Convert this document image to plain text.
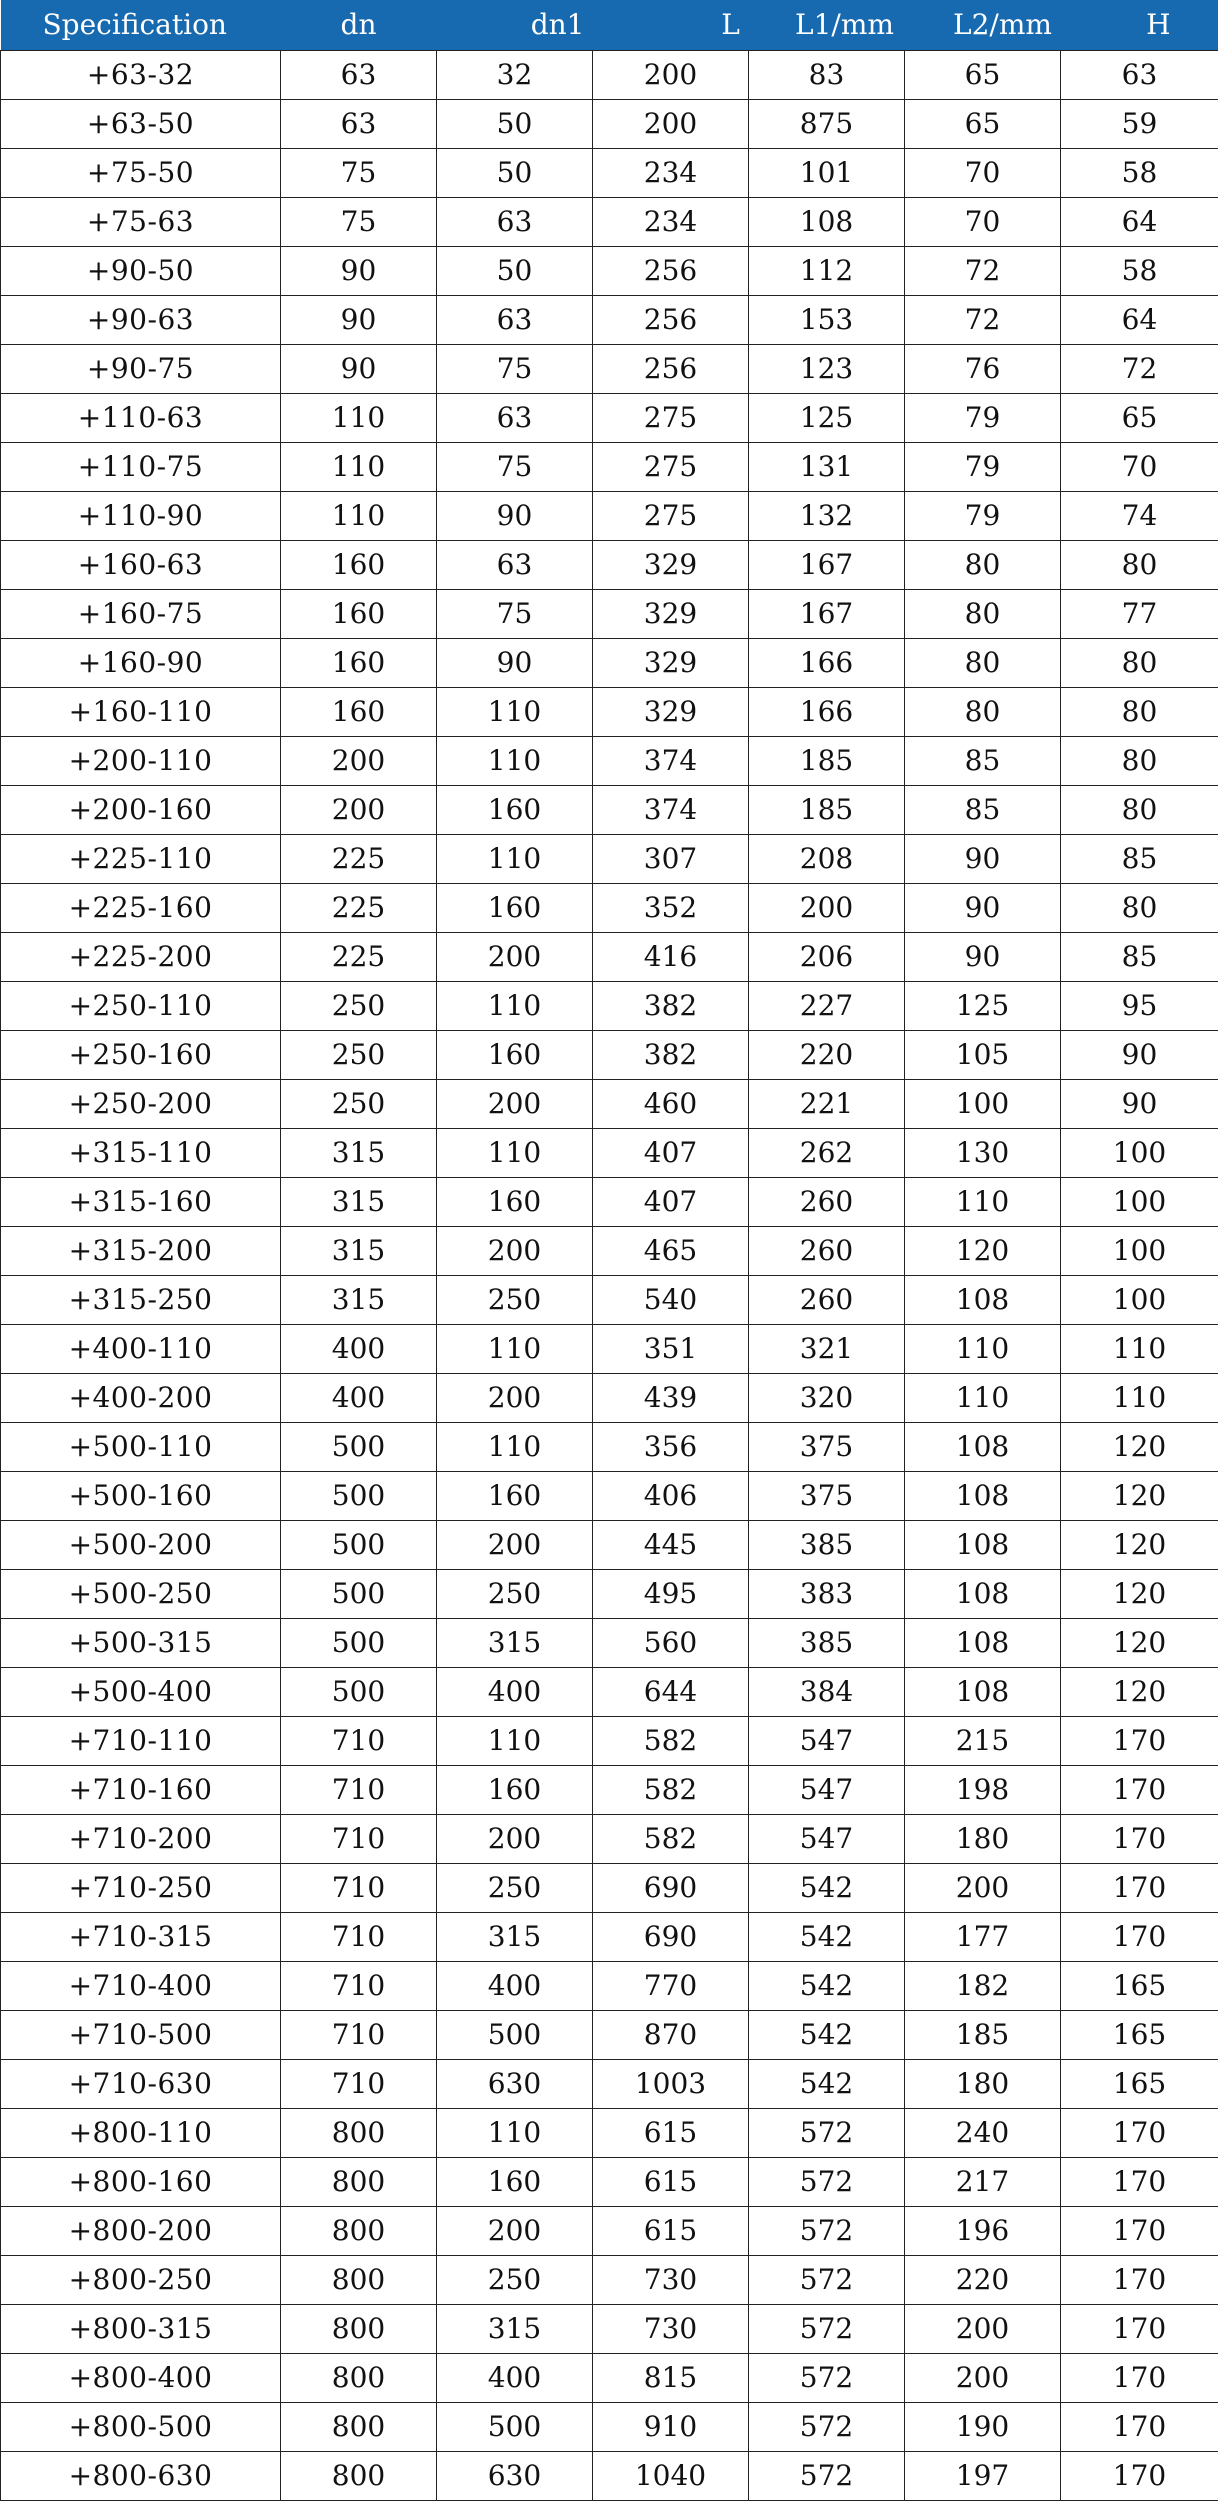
Specification	dn	dn1	L	L1/mm	L2/mm	H
+63-32	63	32	200	83	65	63
+63-50	63	50	200	875	65	59
+75-50	75	50	234	101	70	58
+75-63	75	63	234	108	70	64
+90-50	90	50	256	112	72	58
+90-63	90	63	256	153	72	64
+90-75	90	75	256	123	76	72
+110-63	110	63	275	125	79	65
+110-75	110	75	275	131	79	70
+110-90	110	90	275	132	79	74
+160-63	160	63	329	167	80	80
+160-75	160	75	329	167	80	77
+160-90	160	90	329	166	80	80
+160-110	160	110	329	166	80	80
+200-110	200	110	374	185	85	80
+200-160	200	160	374	185	85	80
+225-110	225	110	307	208	90	85
+225-160	225	160	352	200	90	80
+225-200	225	200	416	206	90	85
+250-110	250	110	382	227	125	95
+250-160	250	160	382	220	105	90
+250-200	250	200	460	221	100	90
+315-110	315	110	407	262	130	100
+315-160	315	160	407	260	110	100
+315-200	315	200	465	260	120	100
+315-250	315	250	540	260	108	100
+400-110	400	110	351	321	110	110
+400-200	400	200	439	320	110	110
+500-110	500	110	356	375	108	120
+500-160	500	160	406	375	108	120
+500-200	500	200	445	385	108	120
+500-250	500	250	495	383	108	120
+500-315	500	315	560	385	108	120
+500-400	500	400	644	384	108	120
+710-110	710	110	582	547	215	170
+710-160	710	160	582	547	198	170
+710-200	710	200	582	547	180	170
+710-250	710	250	690	542	200	170
+710-315	710	315	690	542	177	170
+710-400	710	400	770	542	182	165
+710-500	710	500	870	542	185	165
+710-630	710	630	1003	542	180	165
+800-110	800	110	615	572	240	170
+800-160	800	160	615	572	217	170
+800-200	800	200	615	572	196	170
+800-250	800	250	730	572	220	170
+800-315	800	315	730	572	200	170
+800-400	800	400	815	572	200	170
+800-500	800	500	910	572	190	170
+800-630	800	630	1040	572	197	170
